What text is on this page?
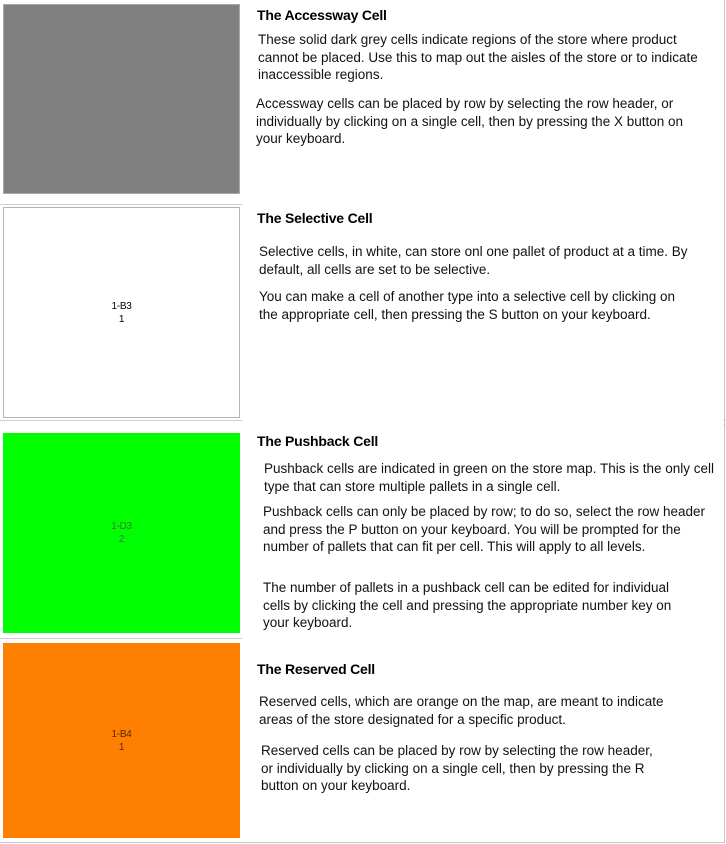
The Accessway Cell

These solid dark grey cells indicate regions of the store where product cannot be placed. Use this to map out the aisles of the store or to indicate inaccessible regions.

Accessway cells can be placed by row by selecting the row header, or individually by clicking on a single cell, then by pressing the X button on your keyboard.

1-B3
1
The Selective Cell

Selective cells, in white, can store onl one pallet of product at a time. By default, all cells are set to be selective.

You can make a cell of another type into a selective cell by clicking on the appropriate cell, then pressing the S button on your keyboard.

⁚
1-D3
2
The Pushback Cell

Pushback cells are indicated in green on the store map. This is the only cell type that can store multiple pallets in a single cell.

Pushback cells can only be placed by row; to do so, select the row header and press the P button on your keyboard. You will be prompted for the number of pallets that can fit per cell. This will apply to all levels.

The number of pallets in a pushback cell can be edited for individual cells by clicking the cell and pressing the appropriate number key on your keyboard.

1-B4
1
The Reserved Cell

Reserved cells, which are orange on the map, are meant to indicate areas of the store designated for a specific product.

Reserved cells can be placed by row by selecting the row header, or individually by clicking on a single cell, then by pressing the R button on your keyboard.
